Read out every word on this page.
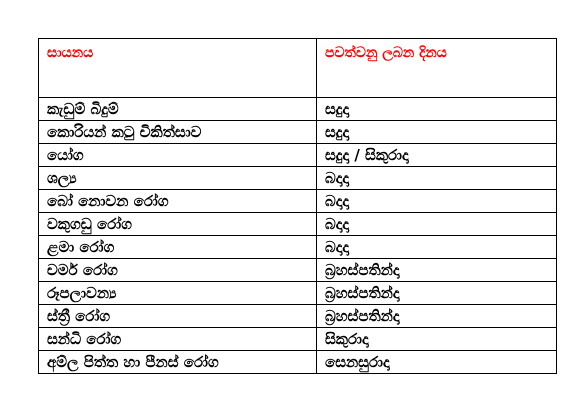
සායනය	පවත්වනු ලබන දිනය
කැඩුම් බිදුම්	සදුදා
කොරියන් කටු චිකිත්සාව	සදුදා
යෝග	සදුදා / සිකුරාදා
ශල්‍ය	බදාදා
බෝ නොවන රෝග	බදාදා
වකුගඩු රෝග	බදාදා
ළමා රෝග	බදාදා
චර්ම රෝග	බ්‍රහස්පතින්දා
රූපලාවන්‍ය	බ්‍රහස්පතින්දා
ස්ත්‍රී රෝග	බ්‍රහස්පතින්දා
සන්ධි රෝග	සිකුරාදා
අම්ල පිත්ත හා පීනස් රෝග	සෙනසුරාදා
